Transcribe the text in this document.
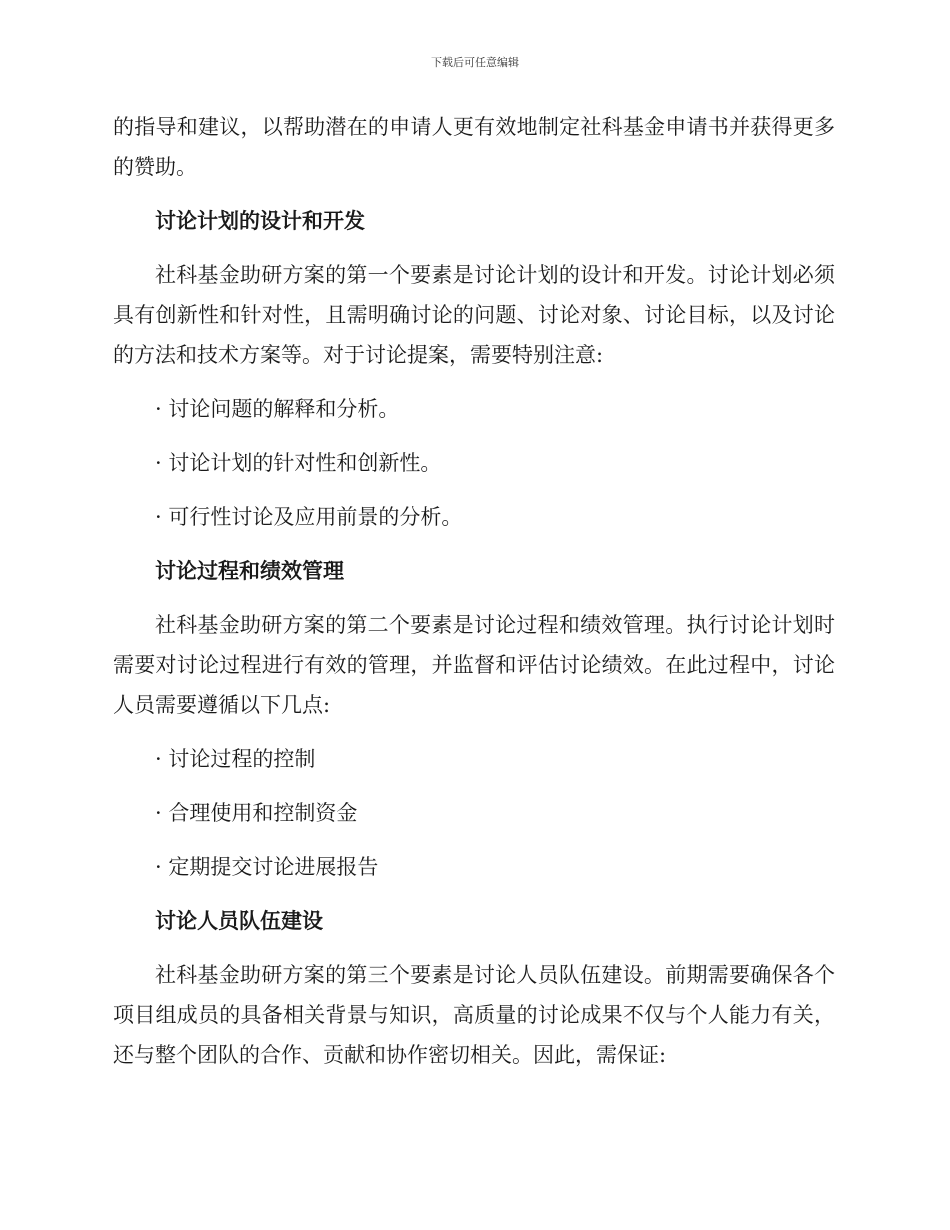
下载后可任意编辑

的指导和建议，以帮助潜在的申请人更有效地制定社科基金申请书并获得更多的赞助。

讨论计划的设计和开发

社科基金助研方案的第一个要素是讨论计划的设计和开发。讨论计划必须具有创新性和针对性，且需明确讨论的问题、讨论对象、讨论目标，以及讨论的方法和技术方案等。对于讨论提案，需要特别注意:

· 讨论问题的解释和分析。
· 讨论计划的针对性和创新性。
· 可行性讨论及应用前景的分析。
讨论过程和绩效管理

社科基金助研方案的第二个要素是讨论过程和绩效管理。执行讨论计划时需要对讨论过程进行有效的管理，并监督和评估讨论绩效。在此过程中，讨论人员需要遵循以下几点:

· 讨论过程的控制
· 合理使用和控制资金
· 定期提交讨论进展报告
讨论人员队伍建设

社科基金助研方案的第三个要素是讨论人员队伍建设。前期需要确保各个项目组成员的具备相关背景与知识，高质量的讨论成果不仅与个人能力有关，还与整个团队的合作、贡献和协作密切相关。因此，需保证:
